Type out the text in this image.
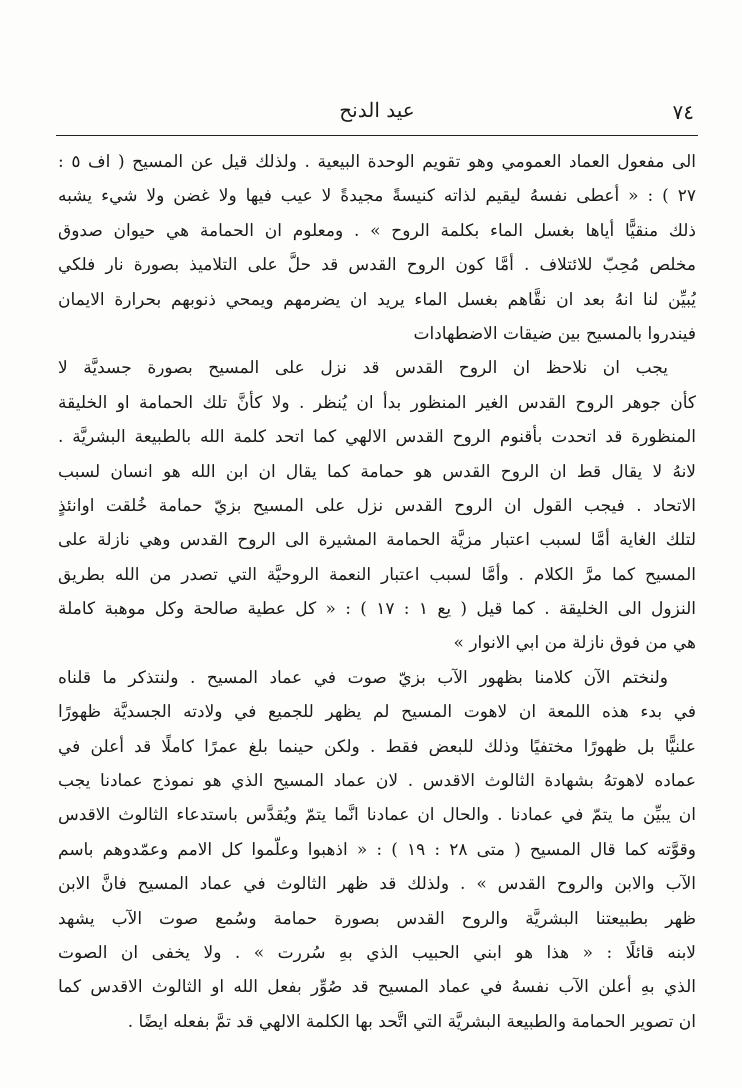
٧٤
عيد الدنح
الى مفعول العماد العمومي وهو تقويم الوحدة البيعية . ولذلك قيل عن المسيح ( اف ٥ :
٢٧ ) : « أعطى نفسهُ ليقيم لذاته كنيسةً مجيدةً لا عيب فيها ولا غضن ولا شيء يشبه
ذلك منقيًّا أياها بغسل الماء بكلمة الروح » . ومعلوم ان الحمامة هي حيوان صدوق
مخلص مُحِبّ للائتلاف . أمَّا كون الروح القدس قد حلَّ على التلاميذ بصورة نار فلكي
يُبيِّن لنا انهُ بعد ان نقَّاهم بغسل الماء يريد ان يضرمهم ويمحي ذنوبهم بحرارة الايمان
فيندروا بالمسيح بين ضيقات الاضطهادات
يجب ان نلاحظ ان الروح القدس قد نزل على المسيح بصورة جسديَّة لا
كأن جوهر الروح القدس الغير المنظور بدأ ان يُنظر . ولا كأنَّ تلك الحمامة او الخليقة
المنظورة قد اتحدت بأقنوم الروح القدس الالهي كما اتحد كلمة الله بالطبيعة البشريَّة .
لانهُ لا يقال قط ان الروح القدس هو حمامة كما يقال ان ابن الله هو انسان لسبب
الاتحاد . فيجب القول ان الروح القدس نزل على المسيح بزيّ حمامة خُلقت اوانئذٍ
لتلك الغاية أمَّا لسبب اعتبار مزيَّة الحمامة المشيرة الى الروح القدس وهي نازلة على
المسيح كما مرَّ الكلام . وأمَّا لسبب اعتبار النعمة الروحيَّة التي تصدر من الله بطريق
النزول الى الخليقة . كما قيل ( يع ١ : ١٧ ) : « كل عطية صالحة وكل موهبة كاملة
هي من فوق نازلة من ابي الانوار »
ولنختم الآن كلامنا بظهور الآب بزيّ صوت في عماد المسيح . ولنتذكر ما قلناه
في بدء هذه اللمعة ان لاهوت المسيح لم يظهر للجميع في ولادته الجسديَّة ظهورًا
علنيًّا بل ظهورًا مختفيًا وذلك للبعض فقط . ولكن حينما بلغ عمرًا كاملًا قد أعلن في
عماده لاهوتهُ بشهادة الثالوث الاقدس . لان عماد المسيح الذي هو نموذج عمادنا يجب
ان يبيِّن ما يتمّ في عمادنا . والحال ان عمادنا انَّما يتمّ ويُقدَّس باستدعاء الثالوث الاقدس
وقوَّته كما قال المسيح ( متى ٢٨ : ١٩ ) : « اذهبوا وعلّموا كل الامم وعمّدوهم باسم
الآب والابن والروح القدس » . ولذلك قد ظهر الثالوث في عماد المسيح فانَّ الابن
ظهر بطبيعتنا البشريَّة والروح القدس بصورة حمامة وسُمع صوت الآب يشهد
لابنه قائلًا : « هذا هو ابني الحبيب الذي بهِ سُررت » . ولا يخفى ان الصوت
الذي بهِ أعلن الآب نفسهُ في عماد المسيح قد صُوِّر بفعل الله او الثالوث الاقدس كما
ان تصوير الحمامة والطبيعة البشريَّة التي اتَّحد بها الكلمة الالهي قد تمَّ بفعله ايضًا .
